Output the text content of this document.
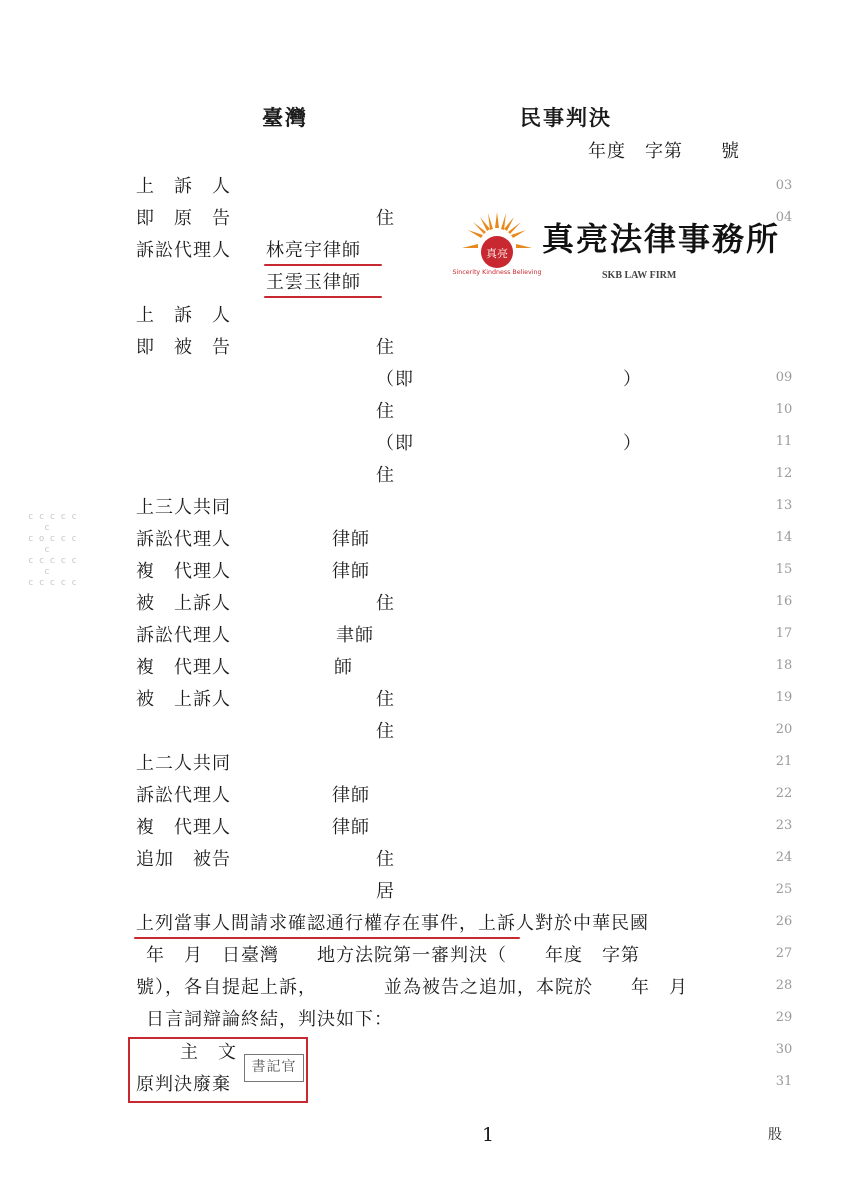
臺灣	民事判決
年度　字第　　號
上　訴　人
即　原　告	住
訴訟代理人 林亮宇律師
王雲玉律師
上　訴　人
即　被　告	住
（即　　　　　　　　　　　）
住
（即　　　　　　　　　　　）
住
上三人共同
訴訟代理人	律師
複　代理人	律師
被　上訴人	住
訴訟代理人	聿師
複　代理人	師
被　上訴人	住
住
上二人共同
訴訟代理人	律師
複　代理人	律師
追加　被告	住
居
上列當事人間請求確認通行權存在事件，上訴人對於中華民國
年　月　日臺灣　　地方法院第一審判決（　　年度　字第
號），各自提起上訴，　　　　並為被告之追加，本院於　　年　月
日言詞辯論終結，判決如下：
主　文
原判決廢棄
書記官
03
04
09
10
11
12
13
14
15
16
17
18
19
20
21
22
23
24
25
26
27
28
29
30
31
1	股
真亮
Sincerity Kindness Believing
真亮法律事務所
SKB LAW FIRM
c c c c c
c
c o c c c
c
c c c c c
c
c c c c c
